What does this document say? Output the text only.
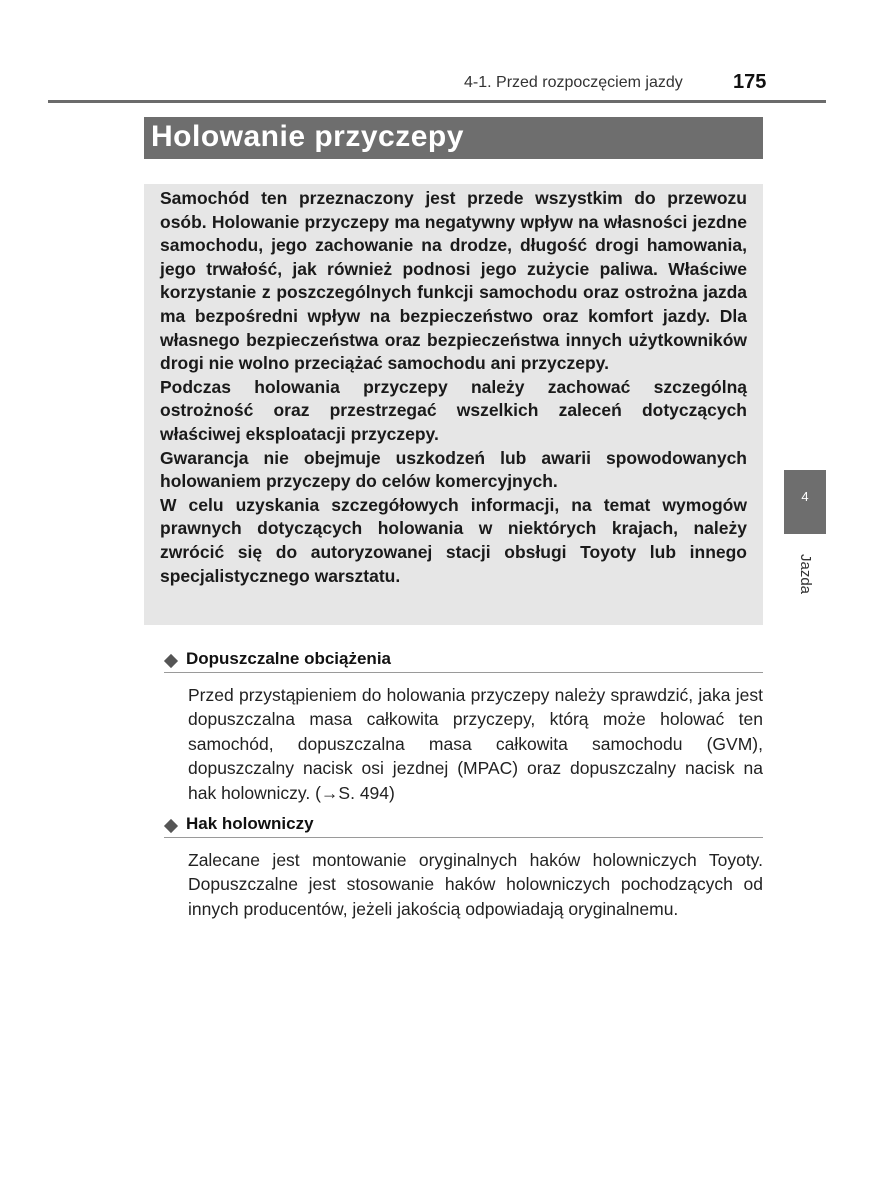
4-1. Przed rozpoczęciem jazdy	175
Holowanie przyczepy

Samochód ten przeznaczony jest przede wszystkim do przewozu osób. Holowanie przyczepy ma negatywny wpływ na własności jezdne samochodu, jego zachowanie na drodze, długość drogi hamowania, jego trwałość, jak również podnosi jego zużycie paliwa. Właściwe korzystanie z poszczególnych funkcji samochodu oraz ostrożna jazda ma bezpośredni wpływ na bezpieczeństwo oraz komfort jazdy. Dla własnego bezpieczeństwa oraz bezpieczeństwa innych użytkowników drogi nie wolno przeciążać samochodu ani przyczepy.

Podczas holowania przyczepy należy zachować szczególną ostrożność oraz przestrzegać wszelkich zaleceń dotyczących właściwej eksploatacji przyczepy.

Gwarancja nie obejmuje uszkodzeń lub awarii spowodowanych holowaniem przyczepy do celów komercyjnych.

W celu uzyskania szczegółowych informacji, na temat wymogów prawnych dotyczących holowania w niektórych krajach, należy zwrócić się do autoryzowanej stacji obsługi Toyoty lub innego specjalistycznego warsztatu.

Dopuszczalne obciążenia
Przed przystąpieniem do holowania przyczepy należy sprawdzić, jaka jest dopuszczalna masa całkowita przyczepy, którą może holować ten samochód, dopuszczalna masa całkowita samochodu (GVM), dopuszczalny nacisk osi jezdnej (MPAC) oraz dopuszczalny nacisk na hak holowniczy. (→S. 494)
Hak holowniczy
Zalecane jest montowanie oryginalnych haków holowniczych Toyoty. Dopuszczalne jest stosowanie haków holowniczych pochodzących od innych producentów, jeżeli jakością odpowiadają oryginalnemu.
4
Jazda
